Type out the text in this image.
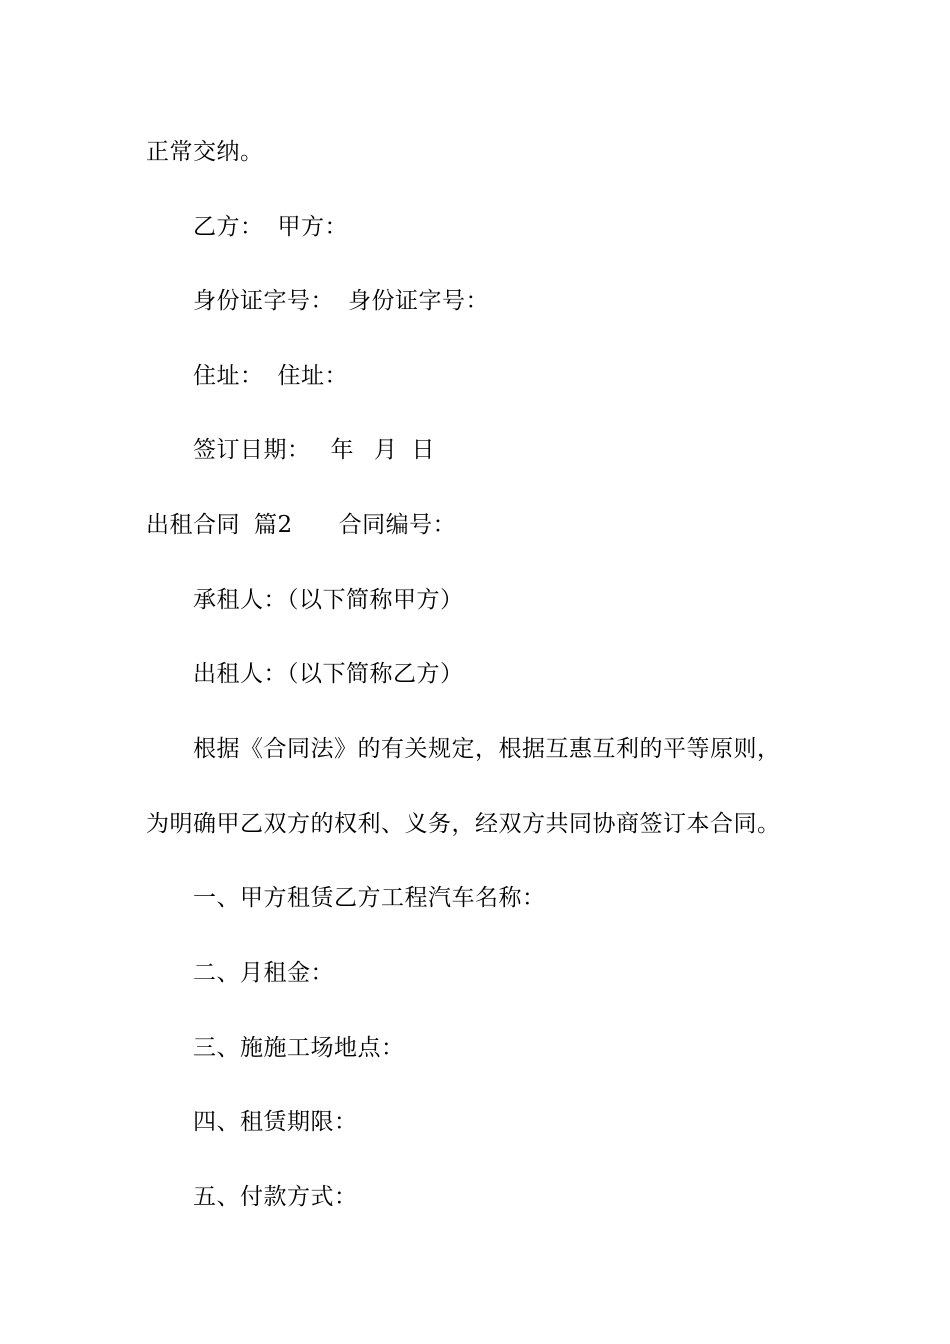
正常交纳。
乙方： 甲方：
身份证字号： 身份证字号：
住址： 住址：
签订日期： 年 月 日
出租合同 篇2 合同编号：
承租人：（以下简称甲方）
出租人：（以下简称乙方）
根据《合同法》的有关规定，根据互惠互利的平等原则，
为明确甲乙双方的权利、义务，经双方共同协商签订本合同。
一、甲方租赁乙方工程汽车名称：
二、月租金：
三、施施工场地点：
四、租赁期限：
五、付款方式：
